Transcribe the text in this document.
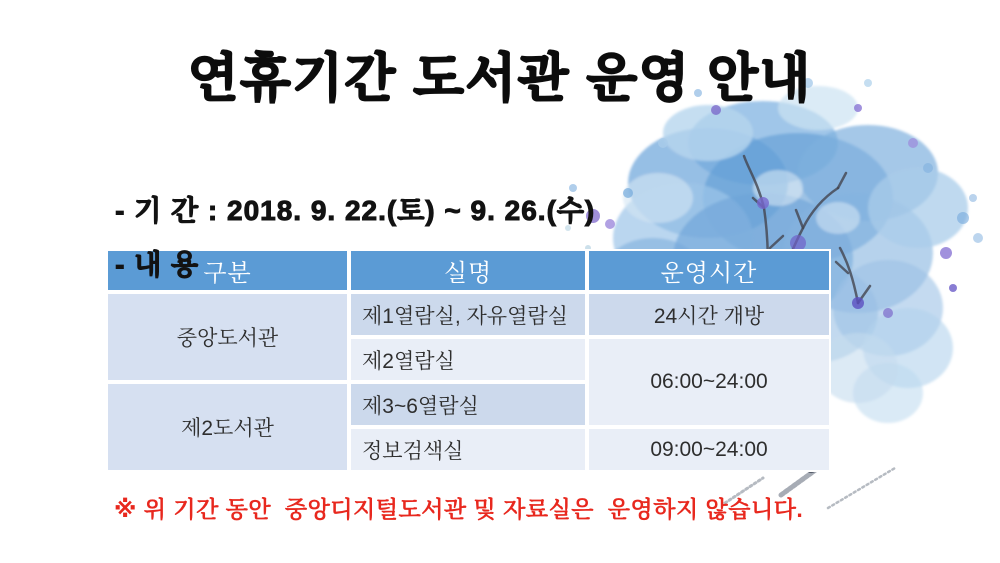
연휴기간 도서관 운영 안내

- 기 간 : 2018. 9. 22.(토) ~ 9. 26.(수)

- 내 용
구분	실명	운영시간
중앙도서관	제1열람실, 자유열람실	24시간 개방
	제2열람실	06:00~24:00
제2도서관	제3~6열람실	
	정보검색실	09:00~24:00
※ 위 기간 동안  중앙디지털도서관 및 자료실은  운영하지 않습니다.
